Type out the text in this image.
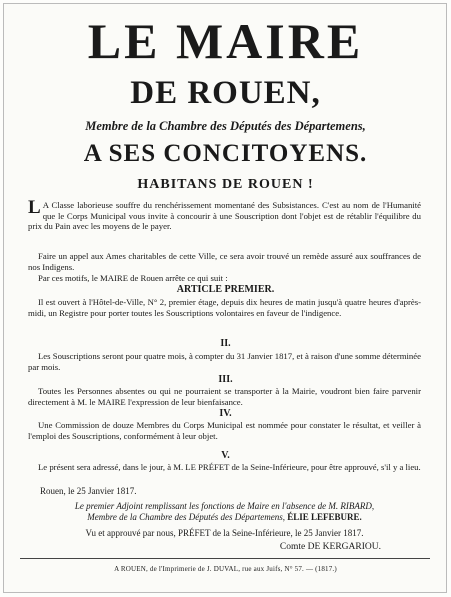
LE MAIRE
DE ROUEN,
Membre de la Chambre des Députés des Départemens,
A SES CONCITOYENS.
HABITANS DE ROUEN !

L A Classe laborieuse souffre du renchérissement momentané des Subsistances. C'est au nom de l'Humanité que le Corps Municipal vous invite à concourir à une Souscription dont l'objet est de rétablir l'équilibre du prix du Pain avec les moyens de le payer.

Faire un appel aux Ames charitables de cette Ville, ce sera avoir trouvé un remède assuré aux souffrances de nos Indigens.

Par ces motifs, le MAIRE de Rouen arrête ce qui suit :

ARTICLE PREMIER.

Il est ouvert à l'Hôtel-de-Ville, N° 2, premier étage, depuis dix heures de matin jusqu'à quatre heures d'après-midi, un Registre pour porter toutes les Souscriptions volontaires en faveur de l'indigence.

II.

Les Souscriptions seront pour quatre mois, à compter du 31 Janvier 1817, et à raison d'une somme déterminée par mois.

III.

Toutes les Personnes absentes ou qui ne pourraient se transporter à la Mairie, voudront bien faire parvenir directement à M. le MAIRE l'expression de leur bienfaisance.

IV.

Une Commission de douze Membres du Corps Municipal est nommée pour constater le résultat, et veiller à l'emploi des Souscriptions, conformément à leur objet.

V.

Le présent sera adressé, dans le jour, à M. LE PRÉFET de la Seine-Inférieure, pour être approuvé, s'il y a lieu.

Rouen, le 25 Janvier 1817.
Le premier Adjoint remplissant les fonctions de Maire en l'absence de M. RIBARD,
Membre de la Chambre des Députés des Départemens, ÉLIE LEFEBURE.
Vu et approuvé par nous, PRÉFET de la Seine-Inférieure, le 25 Janvier 1817.
Comte DE KERGARIOU.
A ROUEN, de l'Imprimerie de J. DUVAL, rue aux Juifs, N° 57. — (1817.)
